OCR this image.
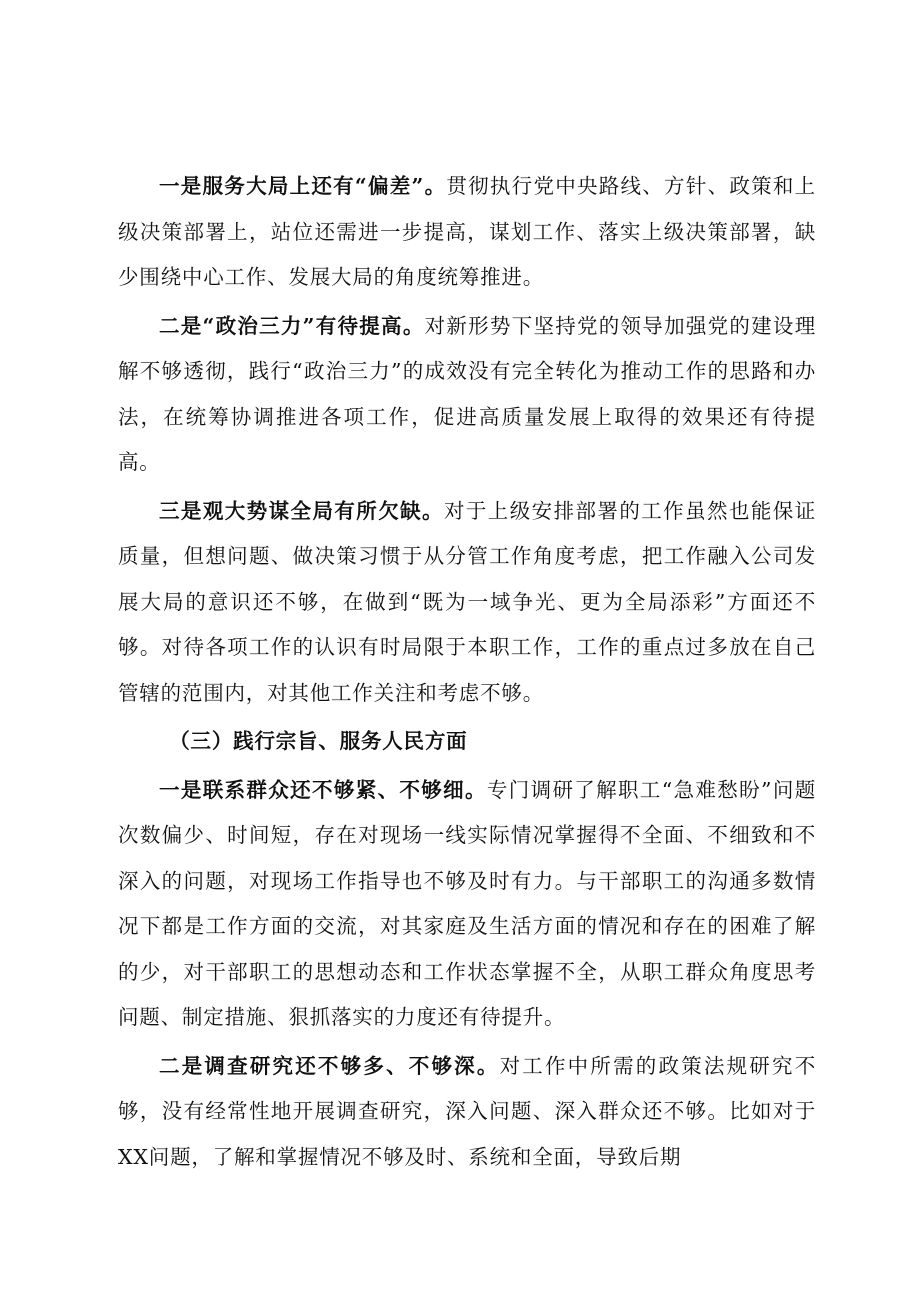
一是服务大局上还有“偏差”。贯彻执行党中央路线、方针、政策和上级决策部署上，站位还需进一步提高，谋划工作、落实上级决策部署，缺少围绕中心工作、发展大局的角度统筹推进。

二是“政治三力”有待提高。对新形势下坚持党的领导加强党的建设理解不够透彻，践行“政治三力”的成效没有完全转化为推动工作的思路和办法，在统筹协调推进各项工作，促进高质量发展上取得的效果还有待提高。

三是观大势谋全局有所欠缺。对于上级安排部署的工作虽然也能保证质量，但想问题、做决策习惯于从分管工作角度考虑，把工作融入公司发展大局的意识还不够，在做到“既为一域争光、更为全局添彩”方面还不够。对待各项工作的认识有时局限于本职工作，工作的重点过多放在自己管辖的范围内，对其他工作关注和考虑不够。

（三）践行宗旨、服务人民方面

一是联系群众还不够紧、不够细。专门调研了解职工“急难愁盼”问题次数偏少、时间短，存在对现场一线实际情况掌握得不全面、不细致和不深入的问题，对现场工作指导也不够及时有力。与干部职工的沟通多数情况下都是工作方面的交流，对其家庭及生活方面的情况和存在的困难了解的少，对干部职工的思想动态和工作状态掌握不全，从职工群众角度思考问题、制定措施、狠抓落实的力度还有待提升。

二是调查研究还不够多、不够深。对工作中所需的政策法规研究不够，没有经常性地开展调查研究，深入问题、深入群众还不够。比如对于XX问题，了解和掌握情况不够及时、系统和全面，导致后期
